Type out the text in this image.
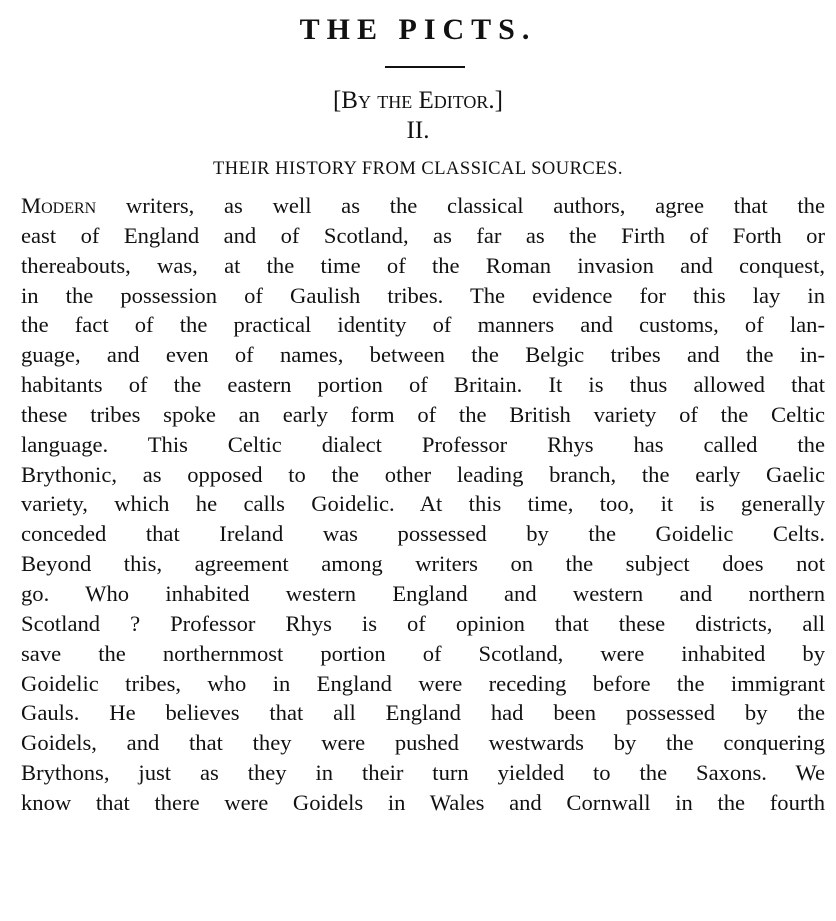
THE PICTS.
[By the Editor.]
II.
THEIR HISTORY FROM CLASSICAL SOURCES.
Modern writers, as well as the classical authors, agree that the
east of England and of Scotland, as far as the Firth of Forth or
thereabouts, was, at the time of the Roman invasion and conquest,
in the possession of Gaulish tribes. The evidence for this lay in
the fact of the practical identity of manners and customs, of lan-
guage, and even of names, between the Belgic tribes and the in-
habitants of the eastern portion of Britain. It is thus allowed that
these tribes spoke an early form of the British variety of the Celtic
language. This Celtic dialect Professor Rhys has called the
Brythonic, as opposed to the other leading branch, the early Gaelic
variety, which he calls Goidelic. At this time, too, it is generally
conceded that Ireland was possessed by the Goidelic Celts.
Beyond this, agreement among writers on the subject does not
go. Who inhabited western England and western and northern
Scotland ? Professor Rhys is of opinion that these districts, all
save the northernmost portion of Scotland, were inhabited by
Goidelic tribes, who in England were receding before the immigrant
Gauls. He believes that all England had been possessed by the
Goidels, and that they were pushed westwards by the conquering
Brythons, just as they in their turn yielded to the Saxons. We
know that there were Goidels in Wales and Cornwall in the fourth
